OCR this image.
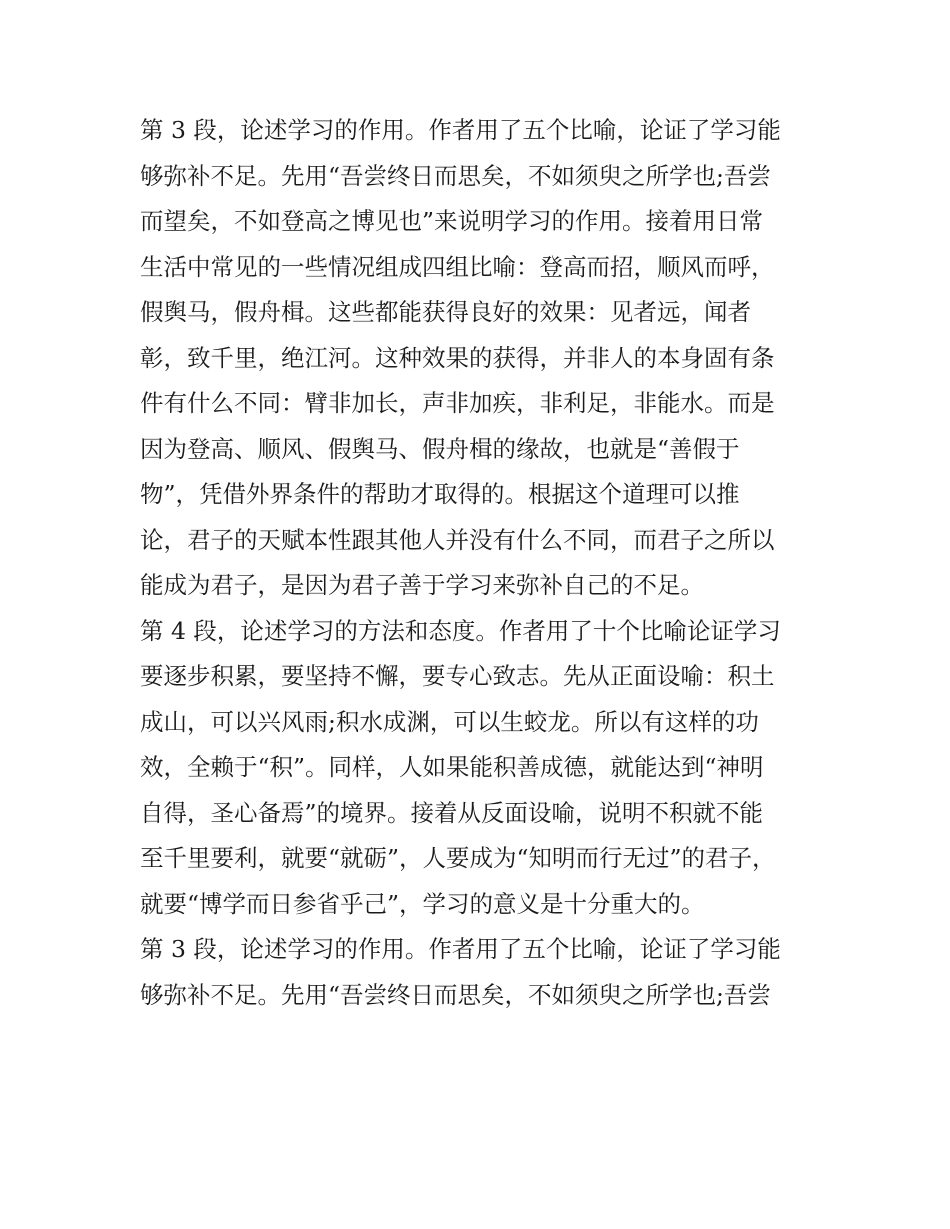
第 3 段，论述学习的作用。作者用了五个比喻，论证了学习能
够弥补不足。先用“吾尝终日而思矣，不如须臾之所学也;吾尝
而望矣，不如登高之博见也”来说明学习的作用。接着用日常
生活中常见的一些情况组成四组比喻：登高而招，顺风而呼，
假舆马，假舟楫。这些都能获得良好的效果：见者远，闻者
彰，致千里，绝江河。这种效果的获得，并非人的本身固有条
件有什么不同：臂非加长，声非加疾，非利足，非能水。而是
因为登高、顺风、假舆马、假舟楫的缘故，也就是“善假于
物”，凭借外界条件的帮助才取得的。根据这个道理可以推
论，君子的天赋本性跟其他人并没有什么不同，而君子之所以
能成为君子，是因为君子善于学习来弥补自己的不足。
第 4 段，论述学习的方法和态度。作者用了十个比喻论证学习
要逐步积累，要坚持不懈，要专心致志。先从正面设喻：积土
成山，可以兴风雨;积水成渊，可以生蛟龙。所以有这样的功
效，全赖于“积”。同样，人如果能积善成德，就能达到“神明
自得，圣心备焉”的境界。接着从反面设喻，说明不积就不能
至千里要利，就要“就砺”，人要成为“知明而行无过”的君子，
就要“博学而日参省乎己”，学习的意义是十分重大的。
第 3 段，论述学习的作用。作者用了五个比喻，论证了学习能
够弥补不足。先用“吾尝终日而思矣，不如须臾之所学也;吾尝
